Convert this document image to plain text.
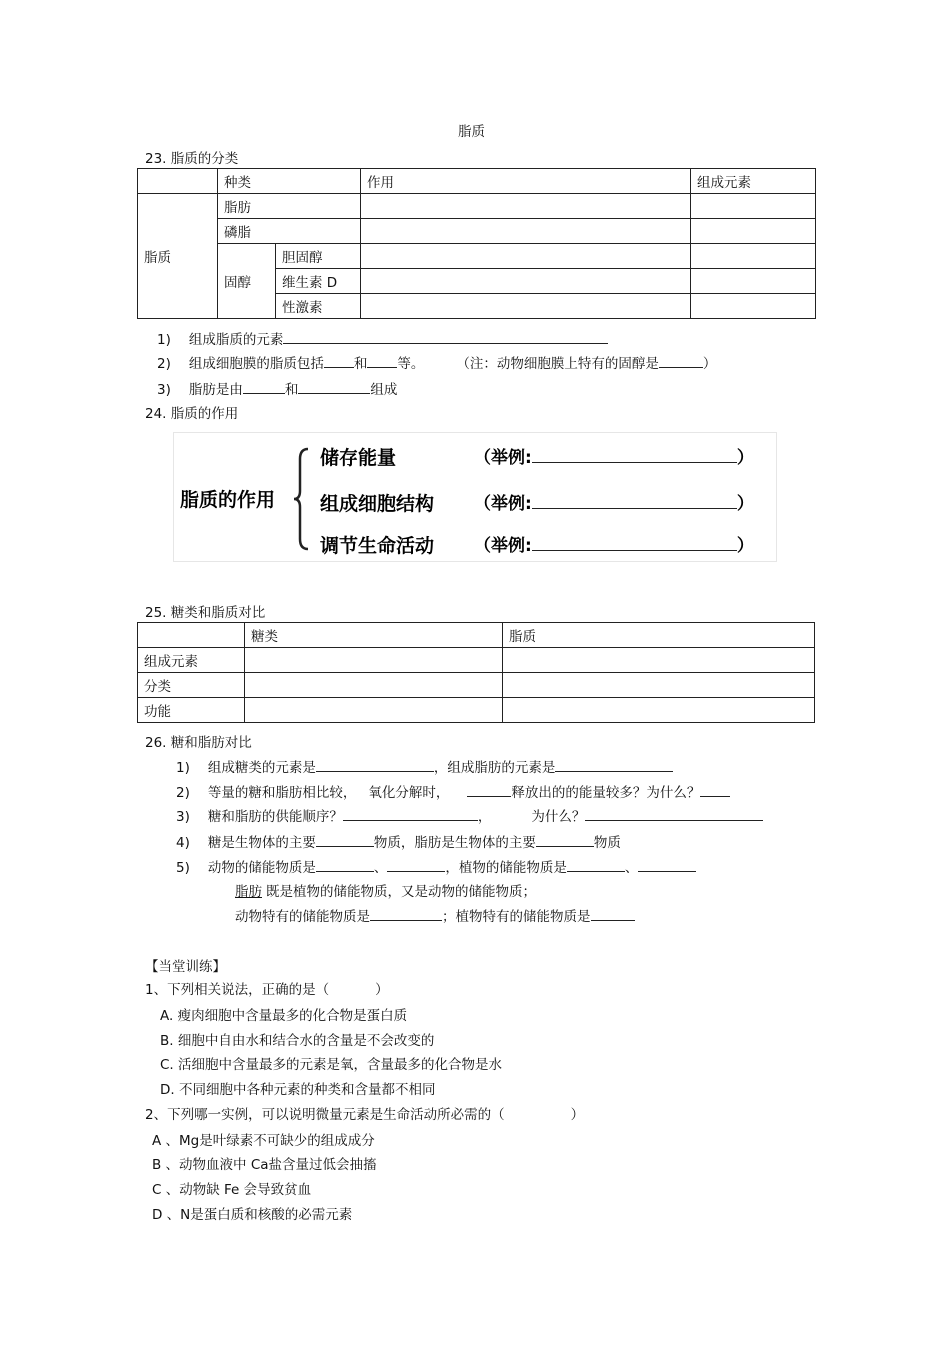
脂质
23. 脂质的分类
	种类		作用	组成元素
脂质	脂肪			
	磷脂			
	固醇	胆固醇		
		维生素 D		
		性激素		
1) 组成脂质的元素
2) 组成细胞膜的脂质包括 和 等。 （注：动物细胞膜上特有的固醇是	）
3) 脂肪是由	和	组成
24. 脂质的作用
脂质的作用
储存能量	（举例:	）
组成细胞结构 （举例:	）
调节生命活动 （举例:	）
25. 糖类和脂质对比
	糖类	脂质
组成元素		
分类		
功能		
26. 糖和脂肪对比
1) 组成糖类的元素是	，组成脂肪的元素是
2) 等量的糖和脂肪相比较， 氧化分解时，	释放出的的能量较多？为什么？
3) 糖和脂肪的供能顺序？	，	为什么？
4) 糖是生物体的主要	物质，脂肪是生物体的主要	物质
5) 动物的储能物质是	、	，植物的储能物质是	、
脂肪 既是植物的储能物质，又是动物的储能物质；
动物特有的储能物质是	；植物特有的储能物质是
【当堂训练】
1、下列相关说法，正确的是（	）
A. 瘦肉细胞中含量最多的化合物是蛋白质
B. 细胞中自由水和结合水的含量是不会改变的
C. 活细胞中含量最多的元素是氧，含量最多的化合物是水
D. 不同细胞中各种元素的种类和含量都不相同
2、下列哪一实例，可以说明微量元素是生命活动所必需的（	）
A 、Mg是叶绿素不可缺少的组成成分
B 、动物血液中 Ca盐含量过低会抽搐
C 、动物缺 Fe 会导致贫血
D 、N是蛋白质和核酸的必需元素
